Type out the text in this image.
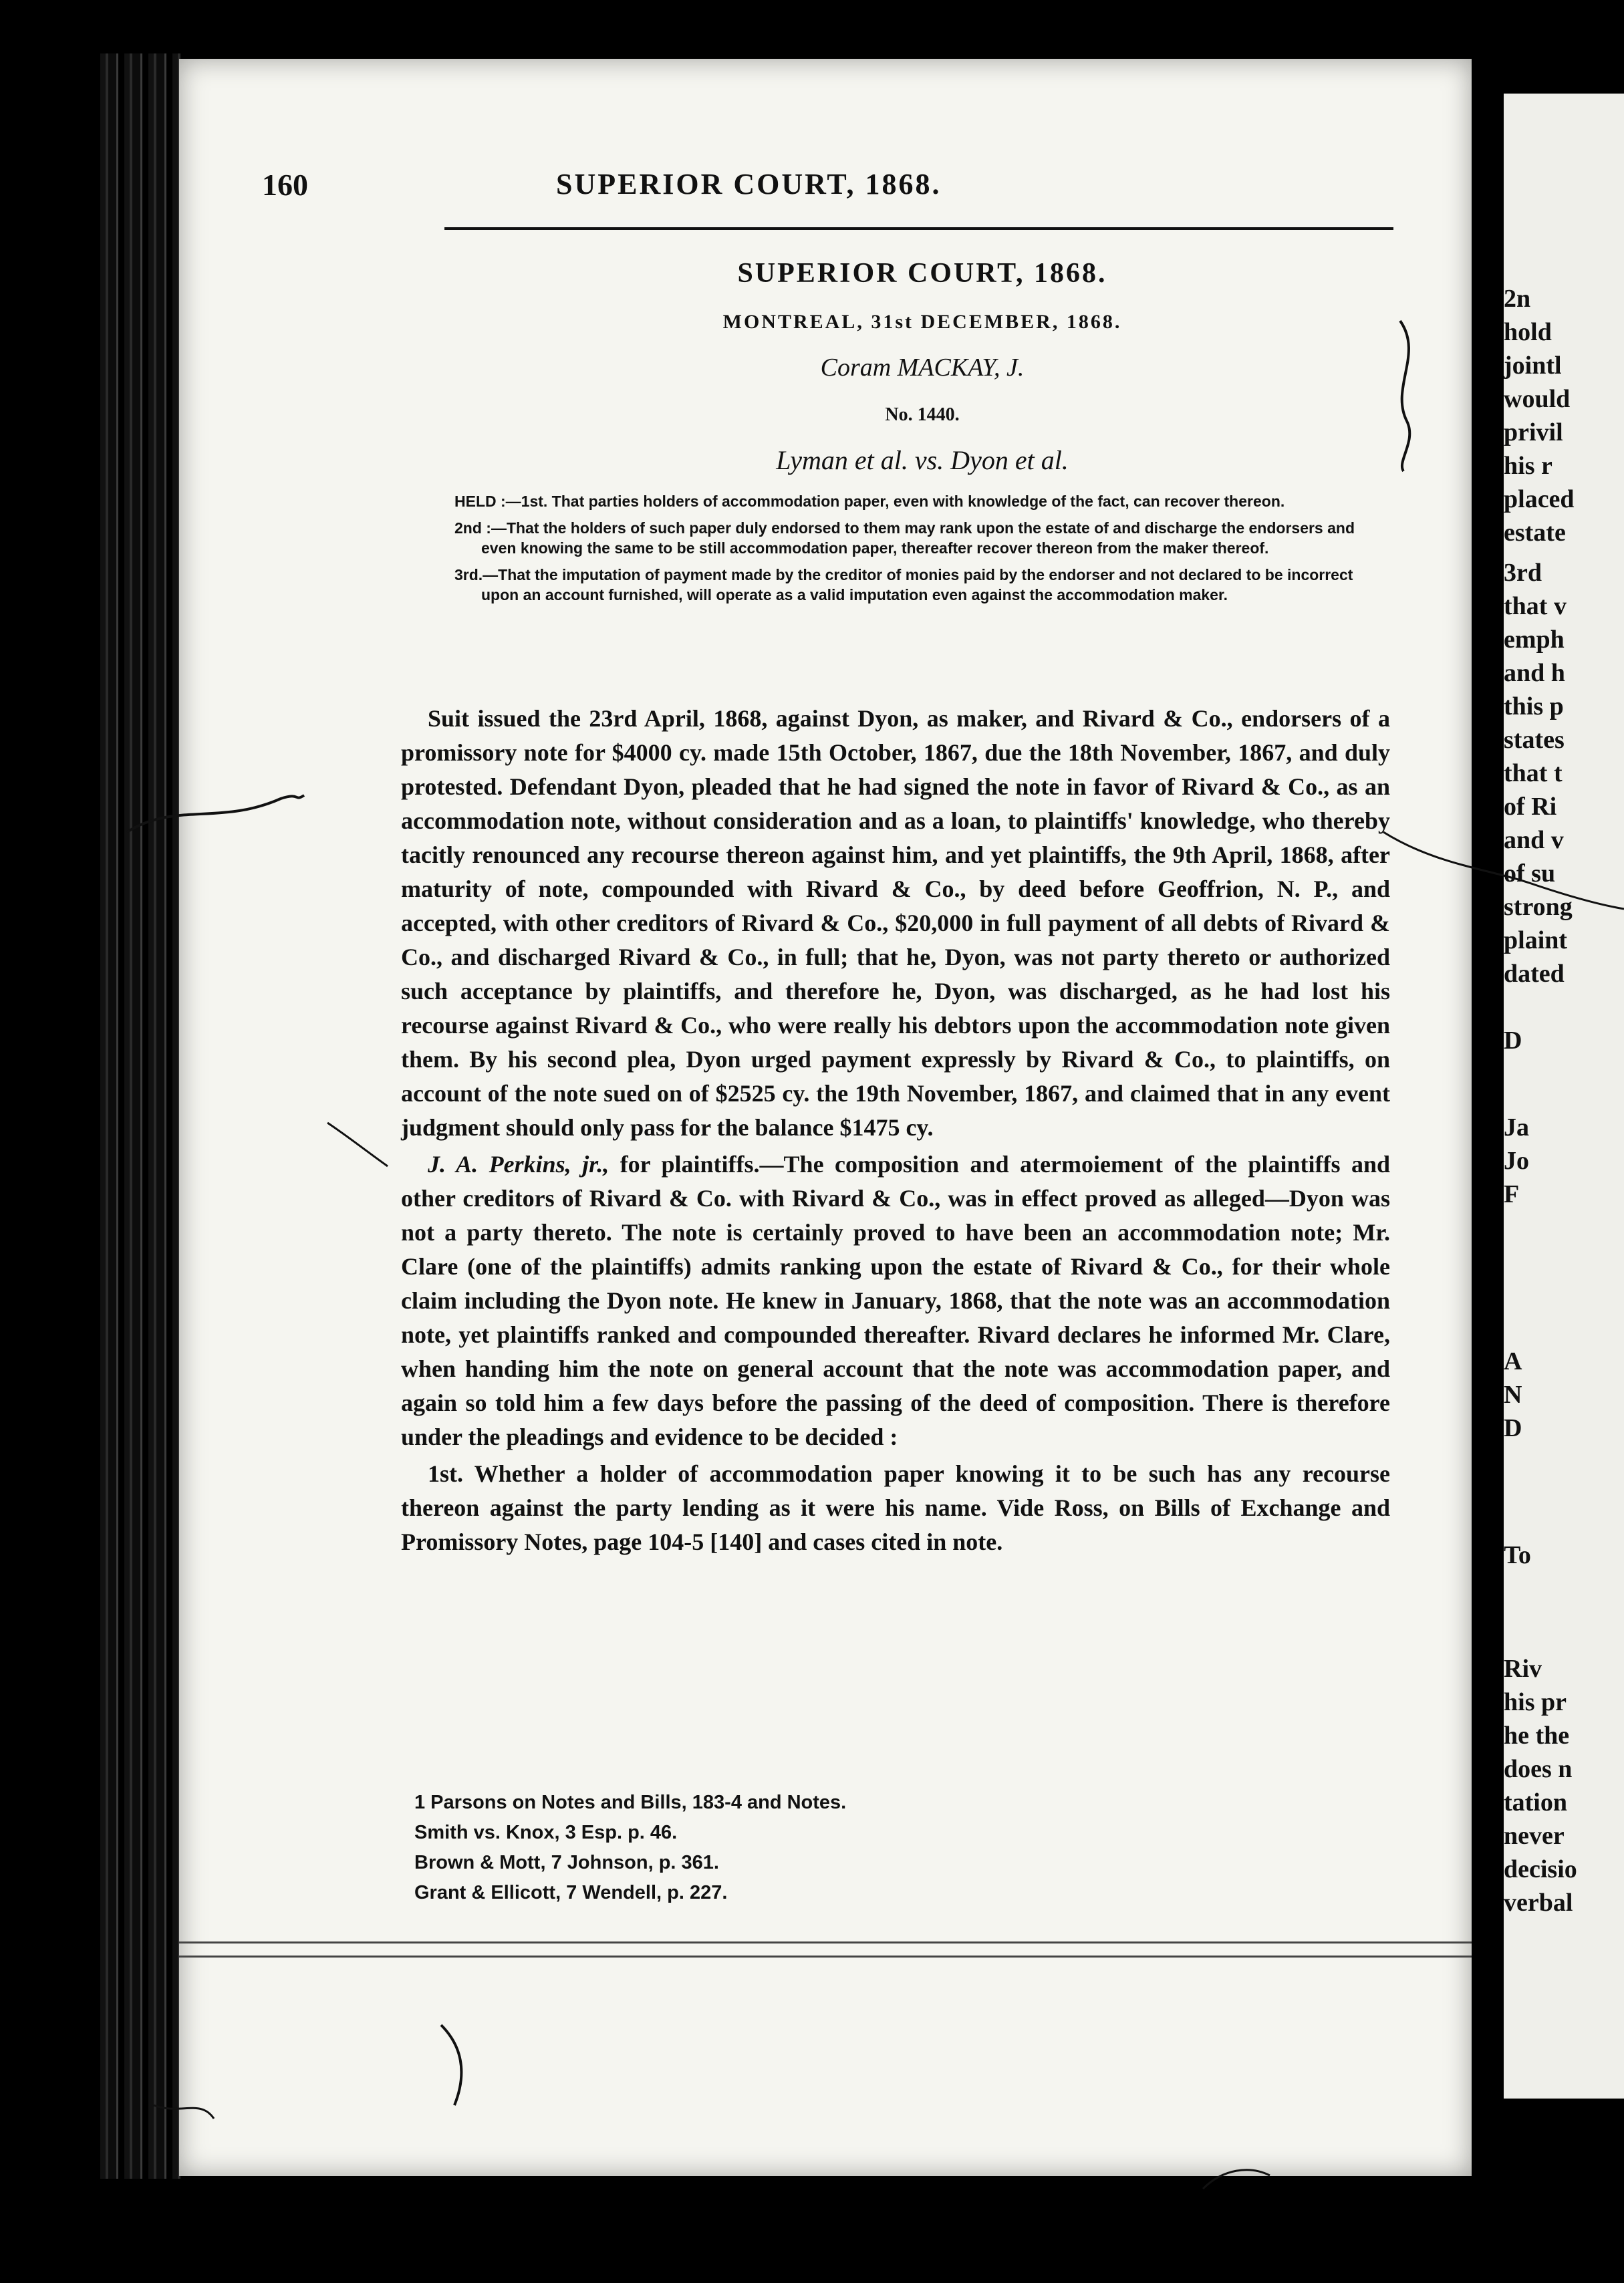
2n
hold
jointl
would
privil
his r
placed
estate
3rd
that v
emph
and h
this p
states
that t
of Ri
and v
of su
strong
plaint
dated
D
Ja
Jo
F
A
N
D
To
Riv
his pr
he the
does n
tation
never
decisio
verbal
160	SUPERIOR COURT, 1868.
SUPERIOR COURT, 1868.
MONTREAL, 31st DECEMBER, 1868.
Coram MACKAY, J.
No. 1440.
Lyman et al. vs. Dyon et al.

HELD :—1st. That parties holders of accommodation paper, even with knowledge of the fact, can recover thereon.

2nd :—That the holders of such paper duly endorsed to them may rank upon the estate of and discharge the endorsers and even knowing the same to be still accommodation paper, thereafter recover thereon from the maker thereof.

3rd.—That the imputation of payment made by the creditor of monies paid by the endorser and not declared to be incorrect upon an account furnished, will operate as a valid imputation even against the accommodation maker.

Suit issued the 23rd April, 1868, against Dyon, as maker, and Rivard & Co., endorsers of a promissory note for $4000 cy. made 15th October, 1867, due the 18th November, 1867, and duly protested. Defendant Dyon, pleaded that he had signed the note in favor of Rivard & Co., as an accommodation note, without consideration and as a loan, to plaintiffs' knowledge, who thereby tacitly renounced any recourse thereon against him, and yet plaintiffs, the 9th April, 1868, after maturity of note, compounded with Rivard & Co., by deed before Geoffrion, N. P., and accepted, with other creditors of Rivard & Co., $20,000 in full payment of all debts of Rivard & Co., and discharged Rivard & Co., in full; that he, Dyon, was not party thereto or authorized such acceptance by plaintiffs, and therefore he, Dyon, was discharged, as he had lost his recourse against Rivard & Co., who were really his debtors upon the accommodation note given them. By his second plea, Dyon urged payment expressly by Rivard & Co., to plaintiffs, on account of the note sued on of $2525 cy. the 19th November, 1867, and claimed that in any event judgment should only pass for the balance $1475 cy.

J. A. Perkins, jr., for plaintiffs.—The composition and atermoiement of the plaintiffs and other creditors of Rivard & Co. with Rivard & Co., was in effect proved as alleged—Dyon was not a party thereto. The note is certainly proved to have been an accommodation note; Mr. Clare (one of the plaintiffs) admits ranking upon the estate of Rivard & Co., for their whole claim including the Dyon note. He knew in January, 1868, that the note was an accommodation note, yet plaintiffs ranked and compounded thereafter. Rivard declares he informed Mr. Clare, when handing him the note on general account that the note was accommodation paper, and again so told him a few days before the passing of the deed of composition. There is therefore under the pleadings and evidence to be decided :

1st. Whether a holder of accommodation paper knowing it to be such has any recourse thereon against the party lending as it were his name. Vide Ross, on Bills of Exchange and Promissory Notes, page 104-5 [140] and cases cited in note.

1 Parsons on Notes and Bills, 183-4 and Notes.
Smith vs. Knox, 3 Esp. p. 46.
Brown & Mott, 7 Johnson, p. 361.
Grant & Ellicott, 7 Wendell, p. 227.
